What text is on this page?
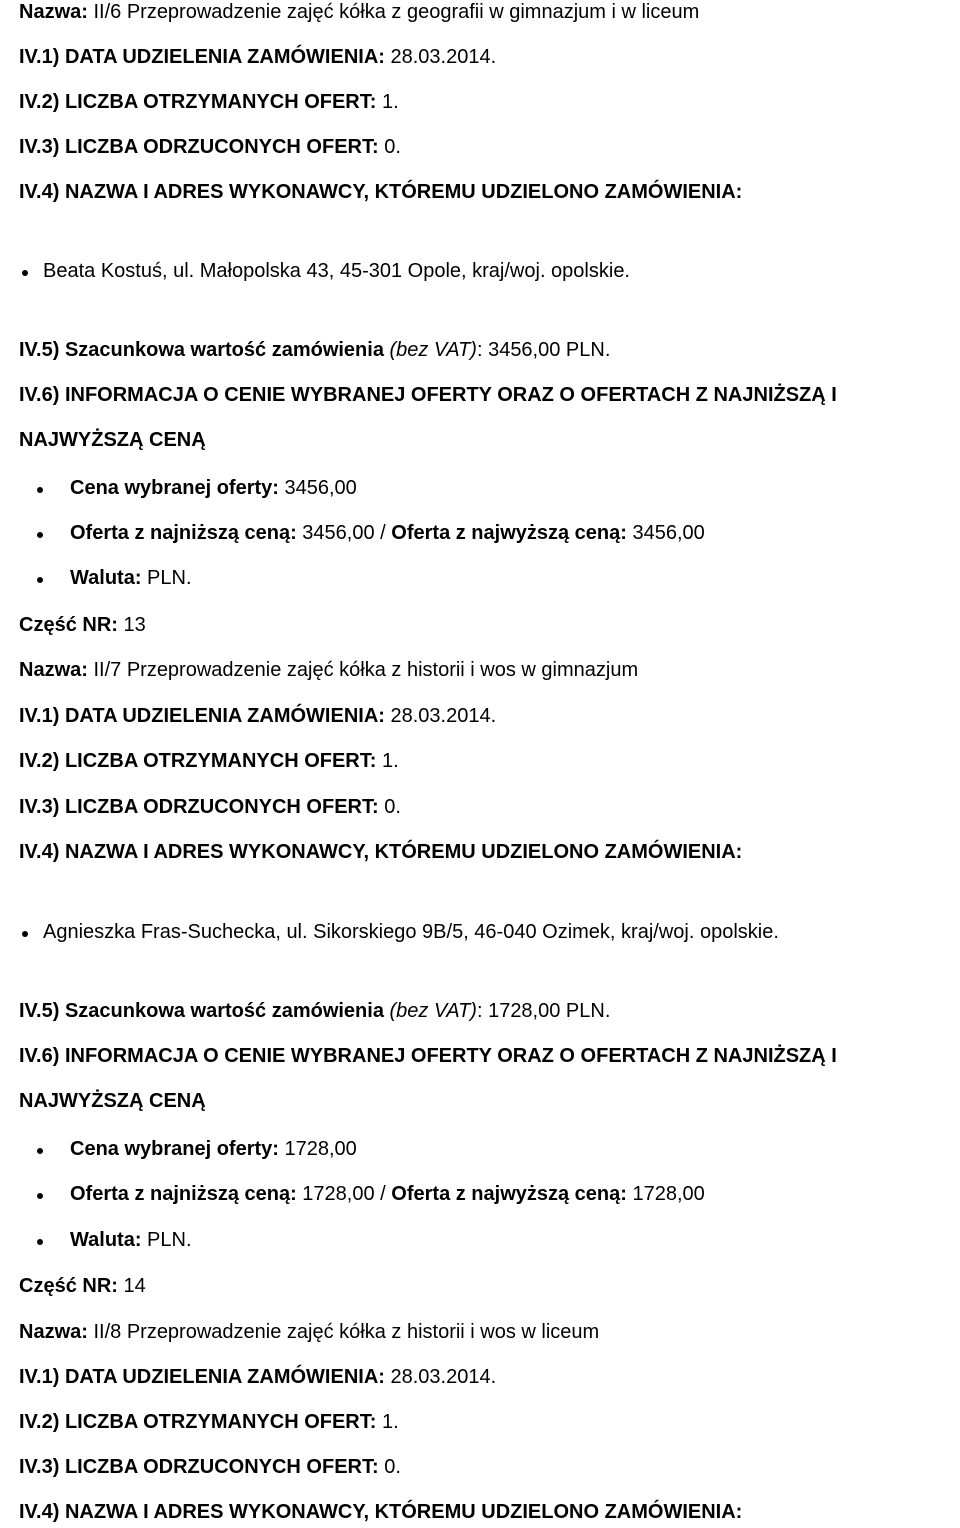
Nazwa: II/6 Przeprowadzenie zajęć kółka z geografii w gimnazjum i w liceum
IV.1) DATA UDZIELENIA ZAMÓWIENIA: 28.03.2014.
IV.2) LICZBA OTRZYMANYCH OFERT: 1.
IV.3) LICZBA ODRZUCONYCH OFERT: 0.
IV.4) NAZWA I ADRES WYKONAWCY, KTÓREMU UDZIELONO ZAMÓWIENIA:
Beata Kostuś, ul. Małopolska 43, 45-301 Opole, kraj/woj. opolskie.
IV.5) Szacunkowa wartość zamówienia (bez VAT): 3456,00 PLN.
IV.6) INFORMACJA O CENIE WYBRANEJ OFERTY ORAZ O OFERTACH Z NAJNIŻSZĄ I
NAJWYŻSZĄ CENĄ
Cena wybranej oferty: 3456,00
Oferta z najniższą ceną: 3456,00 / Oferta z najwyższą ceną: 3456,00
Waluta: PLN.
Część NR: 13
Nazwa: II/7 Przeprowadzenie zajęć kółka z historii i wos w gimnazjum
IV.1) DATA UDZIELENIA ZAMÓWIENIA: 28.03.2014.
IV.2) LICZBA OTRZYMANYCH OFERT: 1.
IV.3) LICZBA ODRZUCONYCH OFERT: 0.
IV.4) NAZWA I ADRES WYKONAWCY, KTÓREMU UDZIELONO ZAMÓWIENIA:
Agnieszka Fras-Suchecka, ul. Sikorskiego 9B/5, 46-040 Ozimek, kraj/woj. opolskie.
IV.5) Szacunkowa wartość zamówienia (bez VAT): 1728,00 PLN.
IV.6) INFORMACJA O CENIE WYBRANEJ OFERTY ORAZ O OFERTACH Z NAJNIŻSZĄ I
NAJWYŻSZĄ CENĄ
Cena wybranej oferty: 1728,00
Oferta z najniższą ceną: 1728,00 / Oferta z najwyższą ceną: 1728,00
Waluta: PLN.
Część NR: 14
Nazwa: II/8 Przeprowadzenie zajęć kółka z historii i wos w liceum
IV.1) DATA UDZIELENIA ZAMÓWIENIA: 28.03.2014.
IV.2) LICZBA OTRZYMANYCH OFERT: 1.
IV.3) LICZBA ODRZUCONYCH OFERT: 0.
IV.4) NAZWA I ADRES WYKONAWCY, KTÓREMU UDZIELONO ZAMÓWIENIA:
